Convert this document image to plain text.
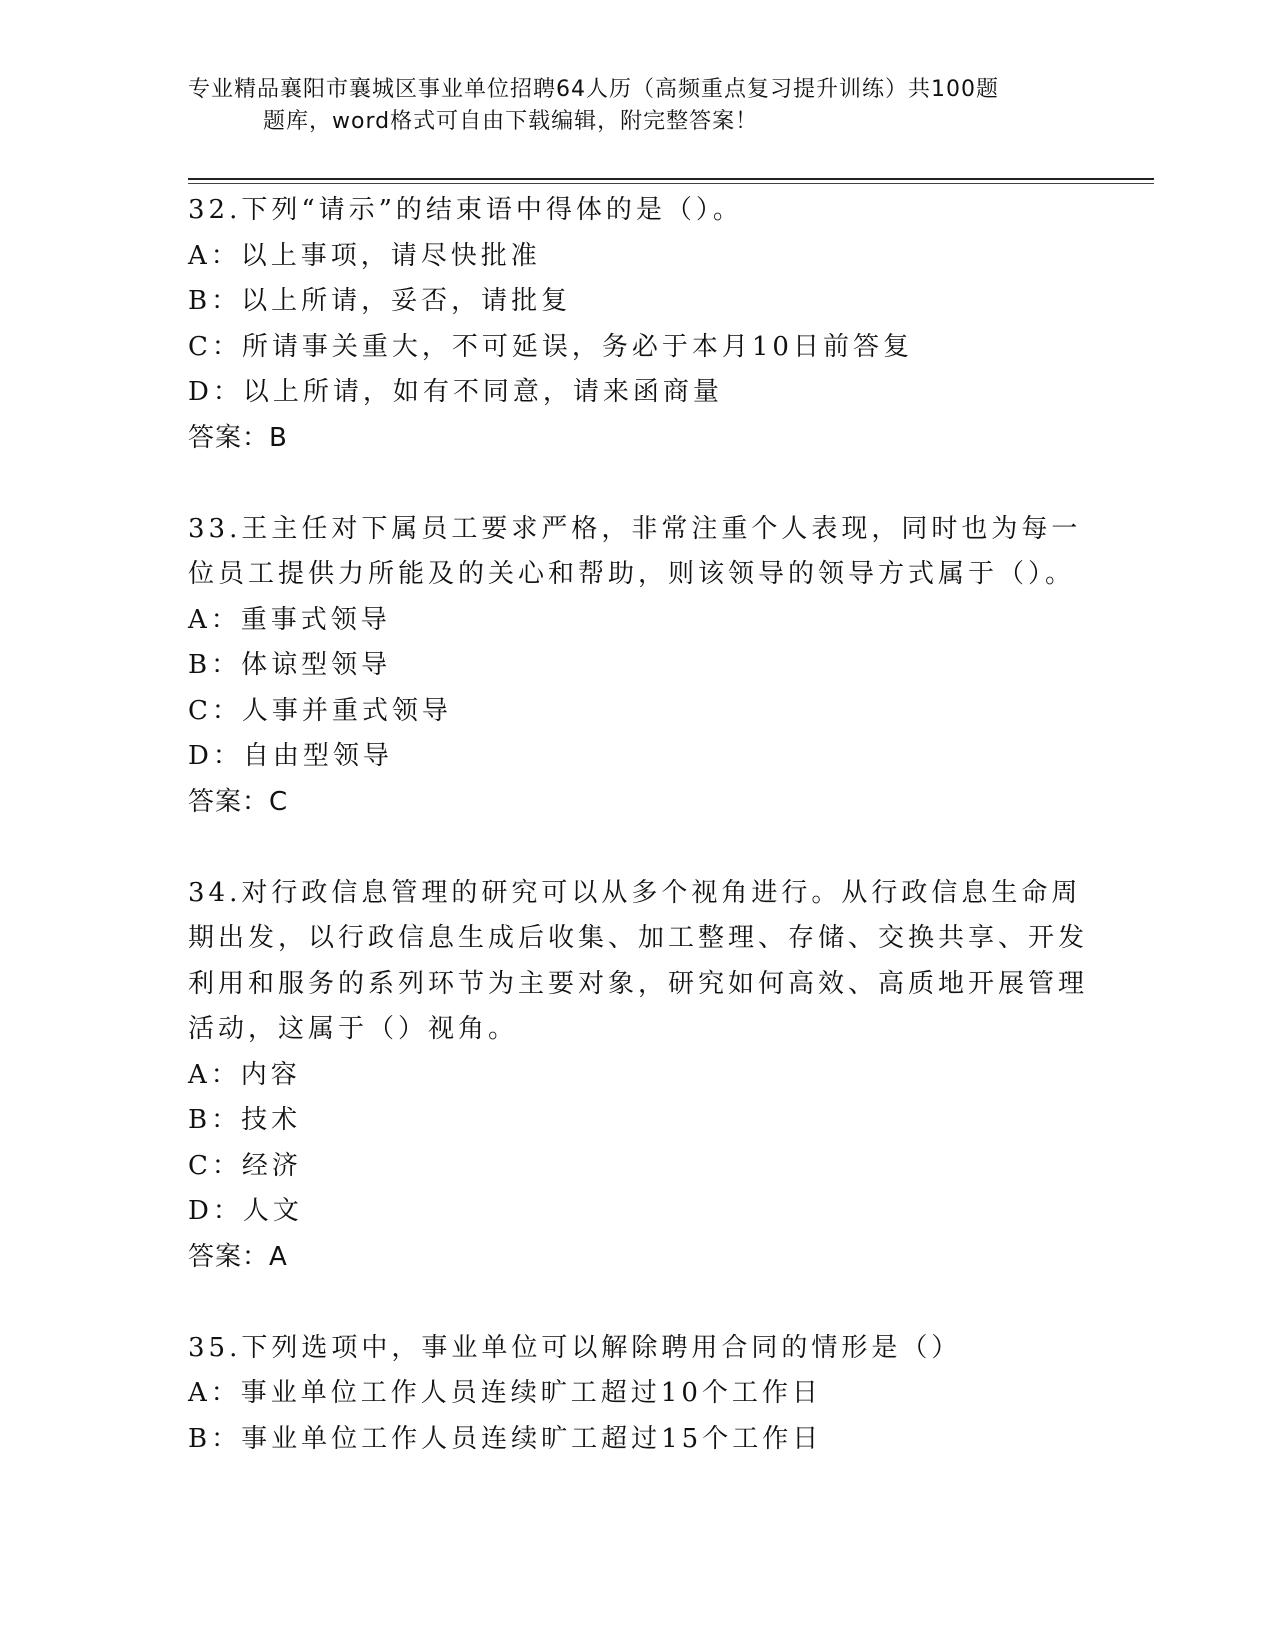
专业精品襄阳市襄城区事业单位招聘64人历（高频重点复习提升训练）共100题
题库，word格式可自由下载编辑，附完整答案！
32.下列“请示”的结束语中得体的是（）。
A：以上事项，请尽快批准
B：以上所请，妥否，请批复
C：所请事关重大，不可延误，务必于本月10日前答复
D：以上所请，如有不同意，请来函商量
答案：B
33.王主任对下属员工要求严格，非常注重个人表现，同时也为每一位员工提供力所能及的关心和帮助，则该领导的领导方式属于（）。
A：重事式领导
B：体谅型领导
C：人事并重式领导
D：自由型领导
答案：C
34.对行政信息管理的研究可以从多个视角进行。从行政信息生命周期出发，以行政信息生成后收集、加工整理、存储、交换共享、开发利用和服务的系列环节为主要对象，研究如何高效、高质地开展管理活动，这属于（）视角。
A：内容
B：技术
C：经济
D：人文
答案：A
35.下列选项中，事业单位可以解除聘用合同的情形是（）
A：事业单位工作人员连续旷工超过10个工作日
B：事业单位工作人员连续旷工超过15个工作日
